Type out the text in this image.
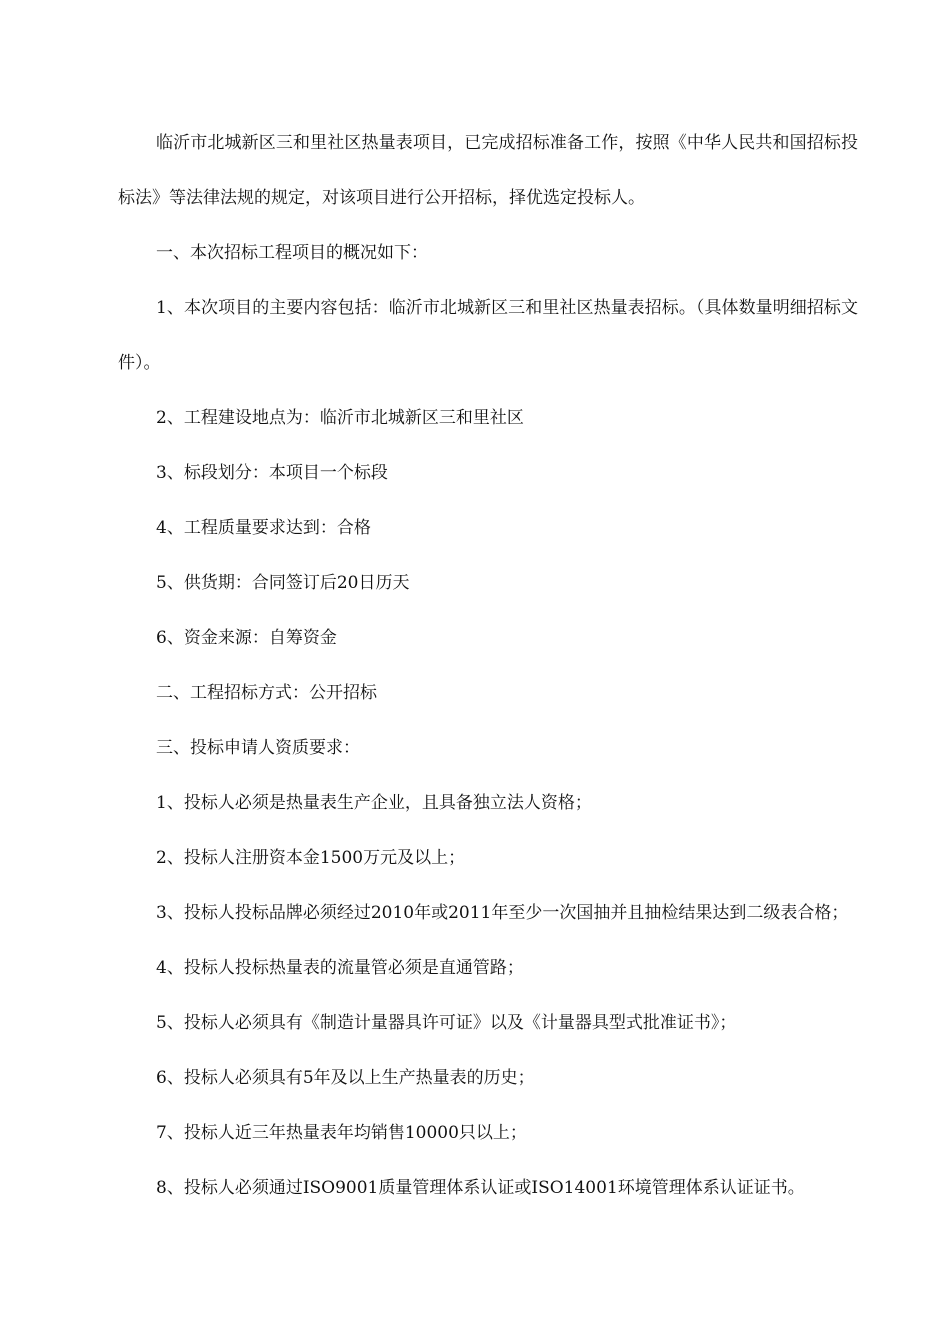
临沂市北城新区三和里社区热量表项目，已完成招标准备工作，按照《中华人民共和国招标投标法》等法律法规的规定，对该项目进行公开招标，择优选定投标人。

一、本次招标工程项目的概况如下：

1、本次项目的主要内容包括：临沂市北城新区三和里社区热量表招标。（具体数量明细招标文件）。

2、工程建设地点为：临沂市北城新区三和里社区

3、标段划分：本项目一个标段

4、工程质量要求达到：合格

5、供货期：合同签订后20日历天

6、资金来源：自筹资金

二、工程招标方式：公开招标

三、投标申请人资质要求：

1、投标人必须是热量表生产企业，且具备独立法人资格；

2、投标人注册资本金1500万元及以上；

3、投标人投标品牌必须经过2010年或2011年至少一次国抽并且抽检结果达到二级表合格；

4、投标人投标热量表的流量管必须是直通管路；

5、投标人必须具有《制造计量器具许可证》以及《计量器具型式批准证书》；

6、投标人必须具有5年及以上生产热量表的历史；

7、投标人近三年热量表年均销售10000只以上；

8、投标人必须通过ISO9001质量管理体系认证或ISO14001环境管理体系认证证书。
